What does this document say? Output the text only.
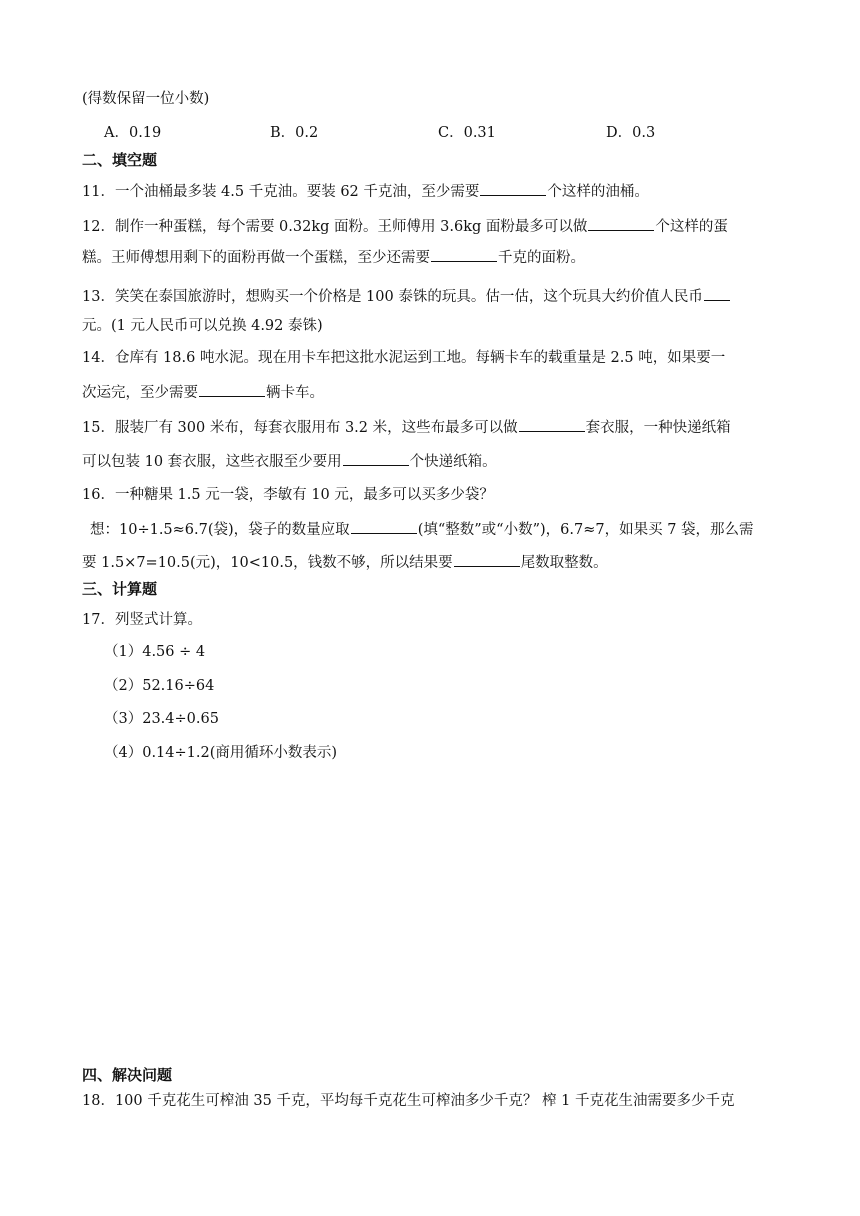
(得数保留一位小数)
A．0.19	B．0.2	C．0.31	D．0.3
二、填空题
11．一个油桶最多装 4.5 千克油。要装 62 千克油，至少需要	个这样的油桶。
12．制作一种蛋糕，每个需要 0.32kg 面粉。王师傅用 3.6kg 面粉最多可以做	个这样的蛋
糕。王师傅想用剩下的面粉再做一个蛋糕，至少还需要	千克的面粉。
13．笑笑在泰国旅游时，想购买一个价格是 100 泰铢的玩具。估一估，这个玩具大约价值人民币
元。(1 元人民币可以兑换 4.92 泰铢)
14．仓库有 18.6 吨水泥。现在用卡车把这批水泥运到工地。每辆卡车的载重量是 2.5 吨，如果要一
次运完，至少需要	辆卡车。
15．服装厂有 300 米布，每套衣服用布 3.2 米，这些布最多可以做	套衣服，一种快递纸箱
可以包装 10 套衣服，这些衣服至少要用	个快递纸箱。
16．一种糖果 1.5 元一袋，李敏有 10 元，最多可以买多少袋？
想：10÷1.5≈6.7(袋)，袋子的数量应取	(填“整数”或“小数”)，6.7≈7，如果买 7 袋，那么需
要 1.5×7=10.5(元)，10<10.5，钱数不够，所以结果要	尾数取整数。
三、计算题
17．列竖式计算。
（1）4.56 ÷ 4
（2）52.16÷64
（3）23.4÷0.65
（4）0.14÷1.2(商用循环小数表示)
四、解决问题
18．100 千克花生可榨油 35 千克，平均每千克花生可榨油多少千克？ 榨 1 千克花生油需要多少千克
